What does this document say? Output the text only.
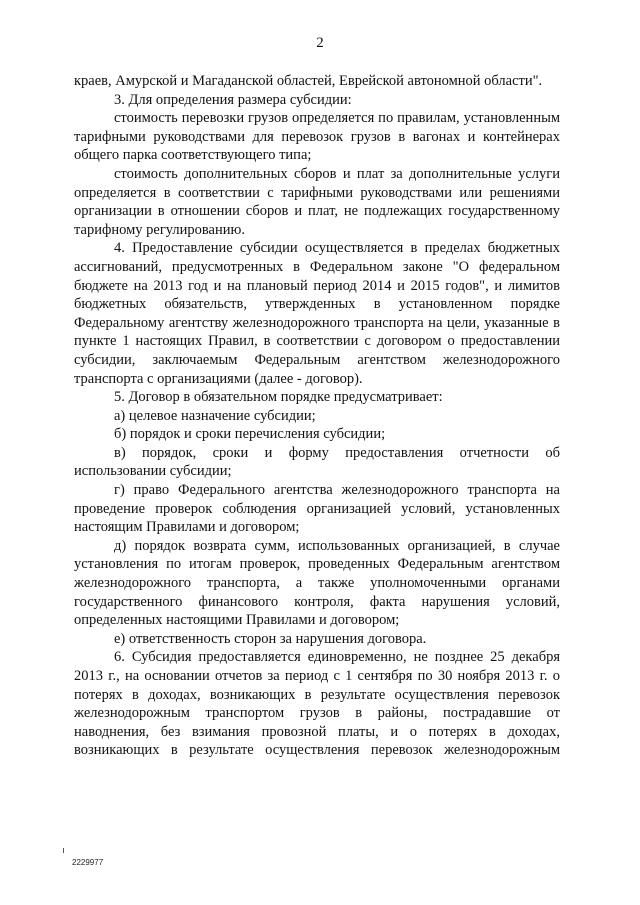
2

краев, Амурской и Магаданской областей, Еврейской автономной области".

3. Для определения размера субсидии:

стоимость перевозки грузов определяется по правилам, установленным тарифными руководствами для перевозок грузов в вагонах и контейнерах общего парка соответствующего типа;

стоимость дополнительных сборов и плат за дополнительные услуги определяется в соответствии с тарифными руководствами или решениями организации в отношении сборов и плат, не подлежащих государственному тарифному регулированию.

4. Предоставление субсидии осуществляется в пределах бюджетных ассигнований, предусмотренных в Федеральном законе "О федеральном бюджете на 2013 год и на плановый период 2014 и 2015 годов", и лимитов бюджетных обязательств, утвержденных в установленном порядке Федеральному агентству железнодорожного транспорта на цели, указанные в пункте 1 настоящих Правил, в соответствии с договором о предоставлении субсидии, заключаемым Федеральным агентством железнодорожного транспорта с организациями (далее - договор).

5. Договор в обязательном порядке предусматривает:

а) целевое назначение субсидии;

б) порядок и сроки перечисления субсидии;

в) порядок, сроки и форму предоставления отчетности об использовании субсидии;

г) право Федерального агентства железнодорожного транспорта на проведение проверок соблюдения организацией условий, установленных настоящим Правилами и договором;

д) порядок возврата сумм, использованных организацией, в случае установления по итогам проверок, проведенных Федеральным агентством железнодорожного транспорта, а также уполномоченными органами государственного финансового контроля, факта нарушения условий, определенных настоящими Правилами и договором;

е) ответственность сторон за нарушения договора.

6. Субсидия предоставляется единовременно, не позднее 25 декабря 2013 г., на основании отчетов за период с 1 сентября по 30 ноября 2013 г. о потерях в доходах, возникающих в результате осуществления перевозок железнодорожным транспортом грузов в районы, пострадавшие от наводнения, без взимания провозной платы, и о потерях в доходах, возникающих в результате осуществления перевозок железнодорожным

2229977
